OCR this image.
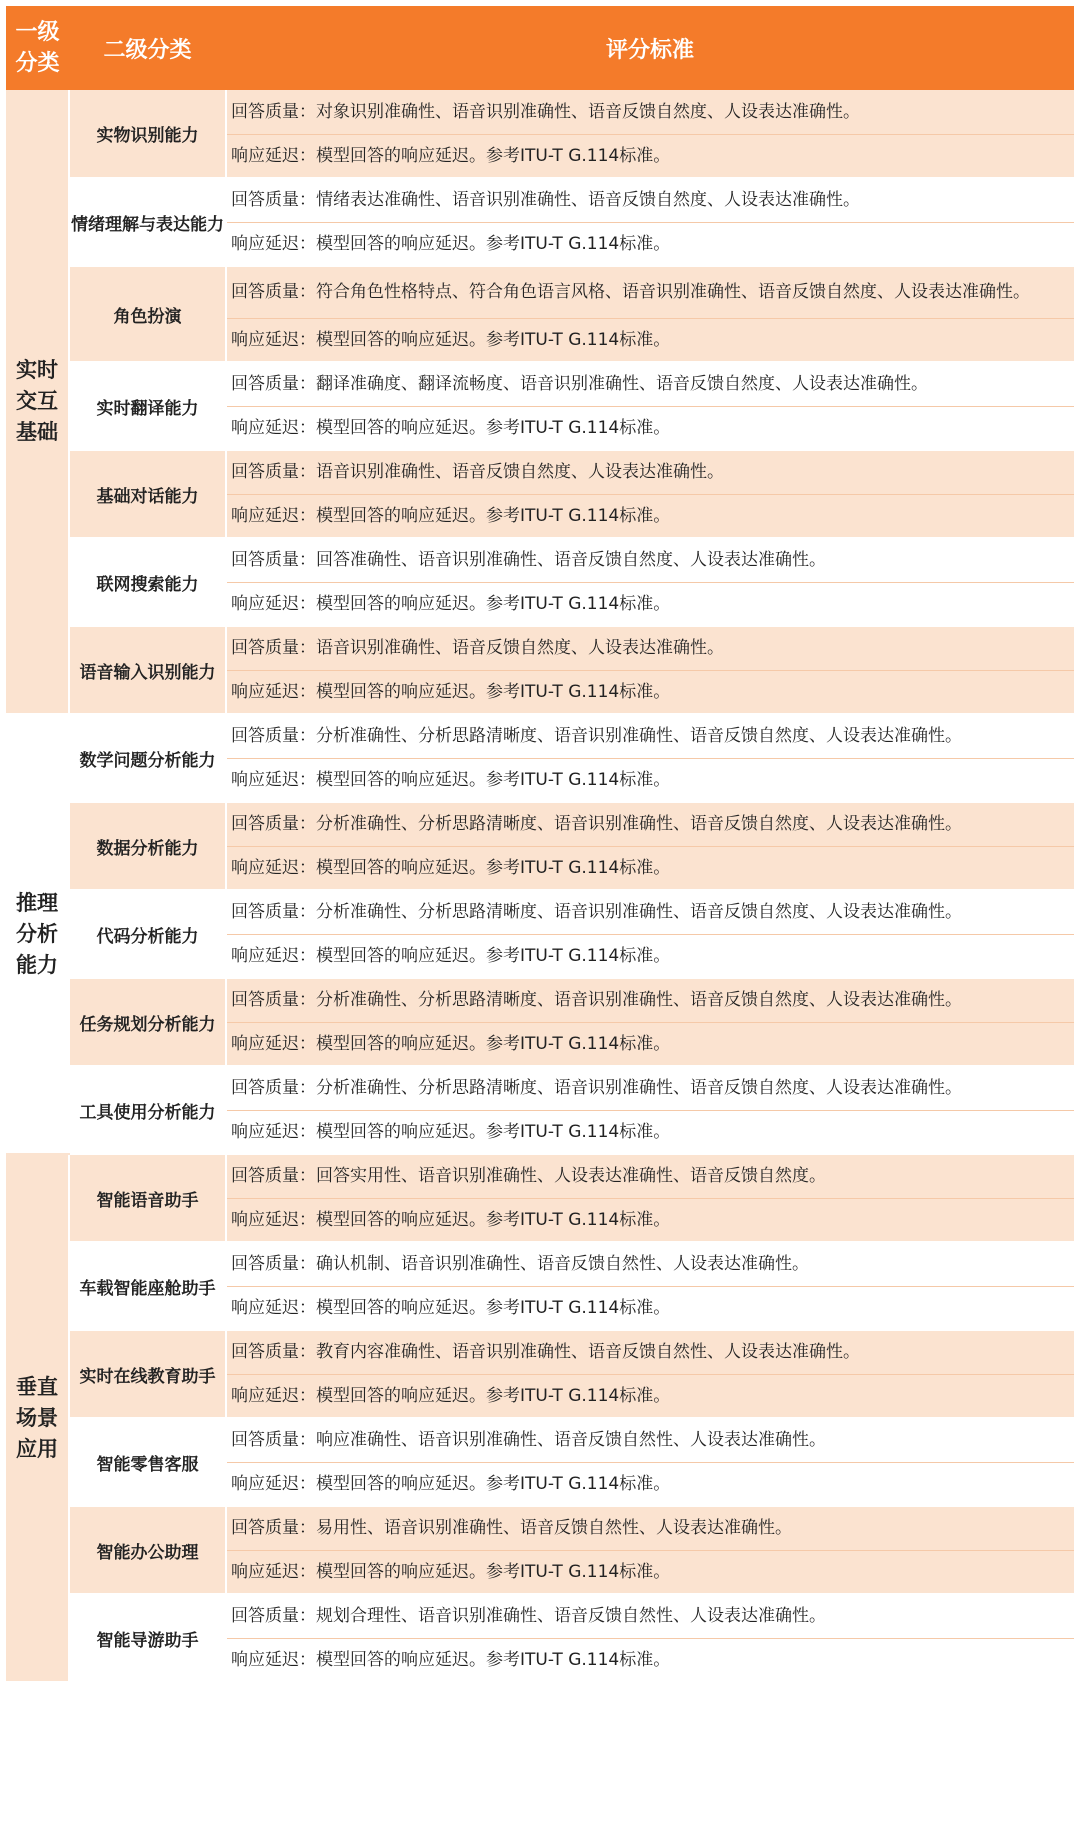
一级分类	二级分类	评分标准

实时交互基础	实物识别能力	回答质量：对象识别准确性、语音识别准确性、语音反馈自然度、人设表达准确性。
		响应延迟：模型回答的响应延迟。参考ITU-T G.114标准。
	情绪理解与表达能力	回答质量：情绪表达准确性、语音识别准确性、语音反馈自然度、人设表达准确性。
		响应延迟：模型回答的响应延迟。参考ITU-T G.114标准。
	角色扮演	回答质量：符合角色性格特点、符合角色语言风格、语音识别准确性、语音反馈自然度、人设表达准确性。
		响应延迟：模型回答的响应延迟。参考ITU-T G.114标准。
	实时翻译能力	回答质量：翻译准确度、翻译流畅度、语音识别准确性、语音反馈自然度、人设表达准确性。
		响应延迟：模型回答的响应延迟。参考ITU-T G.114标准。
	基础对话能力	回答质量：语音识别准确性、语音反馈自然度、人设表达准确性。
		响应延迟：模型回答的响应延迟。参考ITU-T G.114标准。
	联网搜索能力	回答质量：回答准确性、语音识别准确性、语音反馈自然度、人设表达准确性。
		响应延迟：模型回答的响应延迟。参考ITU-T G.114标准。
	语音输入识别能力	回答质量：语音识别准确性、语音反馈自然度、人设表达准确性。
		响应延迟：模型回答的响应延迟。参考ITU-T G.114标准。

推理分析能力	数学问题分析能力	回答质量：分析准确性、分析思路清晰度、语音识别准确性、语音反馈自然度、人设表达准确性。
		响应延迟：模型回答的响应延迟。参考ITU-T G.114标准。
	数据分析能力	回答质量：分析准确性、分析思路清晰度、语音识别准确性、语音反馈自然度、人设表达准确性。
		响应延迟：模型回答的响应延迟。参考ITU-T G.114标准。
	代码分析能力	回答质量：分析准确性、分析思路清晰度、语音识别准确性、语音反馈自然度、人设表达准确性。
		响应延迟：模型回答的响应延迟。参考ITU-T G.114标准。
	任务规划分析能力	回答质量：分析准确性、分析思路清晰度、语音识别准确性、语音反馈自然度、人设表达准确性。
		响应延迟：模型回答的响应延迟。参考ITU-T G.114标准。
	工具使用分析能力	回答质量：分析准确性、分析思路清晰度、语音识别准确性、语音反馈自然度、人设表达准确性。
		响应延迟：模型回答的响应延迟。参考ITU-T G.114标准。

垂直场景应用	智能语音助手	回答质量：回答实用性、语音识别准确性、人设表达准确性、语音反馈自然度。
		响应延迟：模型回答的响应延迟。参考ITU-T G.114标准。
	车载智能座舱助手	回答质量：确认机制、语音识别准确性、语音反馈自然性、人设表达准确性。
		响应延迟：模型回答的响应延迟。参考ITU-T G.114标准。
	实时在线教育助手	回答质量：教育内容准确性、语音识别准确性、语音反馈自然性、人设表达准确性。
		响应延迟：模型回答的响应延迟。参考ITU-T G.114标准。
	智能零售客服	回答质量：响应准确性、语音识别准确性、语音反馈自然性、人设表达准确性。
		响应延迟：模型回答的响应延迟。参考ITU-T G.114标准。
	智能办公助理	回答质量：易用性、语音识别准确性、语音反馈自然性、人设表达准确性。
		响应延迟：模型回答的响应延迟。参考ITU-T G.114标准。
	智能导游助手	回答质量：规划合理性、语音识别准确性、语音反馈自然性、人设表达准确性。
		响应延迟：模型回答的响应延迟。参考ITU-T G.114标准。
